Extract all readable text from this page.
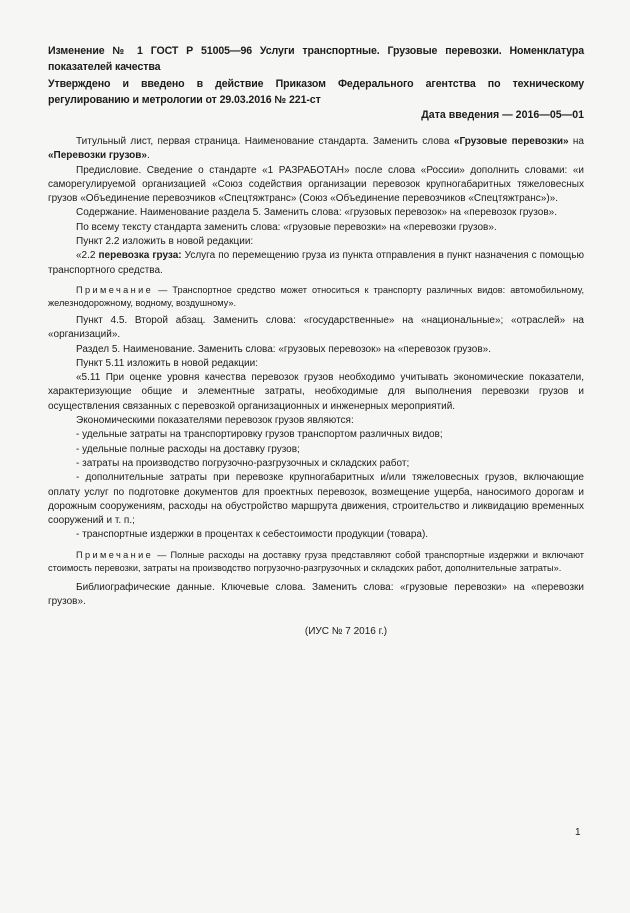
Изменение № 1 ГОСТ Р 51005—96 Услуги транспортные. Грузовые перевозки. Номенклатура показателей качества
Утверждено и введено в действие Приказом Федерального агентства по техническому регулированию и метрологии от 29.03.2016 № 221-ст
Дата введения — 2016—05—01

Титульный лист, первая страница. Наименование стандарта. Заменить слова «Грузовые перевозки» на «Перевозки грузов».

Предисловие. Сведение о стандарте «1 РАЗРАБОТАН» после слова «России» дополнить словами: «и саморегулируемой организацией «Союз содействия организации перевозок крупногабаритных тяжеловесных грузов «Объединение перевозчиков «Спецтяжтранс» (Союз «Объединение перевозчиков «Спецтяжтранс»)».

Содержание. Наименование раздела 5. Заменить слова: «грузовых перевозок» на «перевозок грузов».

По всему тексту стандарта заменить слова: «грузовые перевозки» на «перевозки грузов».

Пункт 2.2 изложить в новой редакции:

«2.2 перевозка груза: Услуга по перемещению груза из пункта отправления в пункт назначения с помощью транспортного средства.

Примечание — Транспортное средство может относиться к транспорту различных видов: автомобильному, железнодорожному, водному, воздушному».

Пункт 4.5. Второй абзац. Заменить слова: «государственные» на «национальные»; «отраслей» на «организаций».

Раздел 5. Наименование. Заменить слова: «грузовых перевозок» на «перевозок грузов».

Пункт 5.11 изложить в новой редакции:

«5.11 При оценке уровня качества перевозок грузов необходимо учитывать экономические показатели, характеризующие общие и элементные затраты, необходимые для выполнения перевозки грузов и осуществления связанных с перевозкой организационных и инженерных мероприятий.

Экономическими показателями перевозок грузов являются:

- удельные затраты на транспортировку грузов транспортом различных видов;

- удельные полные расходы на доставку грузов;

- затраты на производство погрузочно-разгрузочных и складских работ;

- дополнительные затраты при перевозке крупногабаритных и/или тяжеловесных грузов, включающие оплату услуг по подготовке документов для проектных перевозок, возмещение ущерба, наносимого дорогам и дорожным сооружениям, расходы на обустройство маршрута движения, строительство и ликвидацию временных сооружений и т. п.;

- транспортные издержки в процентах к себестоимости продукции (товара).

Примечание — Полные расходы на доставку груза представляют собой транспортные издержки и включают стоимость перевозки, затраты на производство погрузочно-разгрузочных и складских работ, дополнительные затраты».

Библиографические данные. Ключевые слова. Заменить слова: «грузовые перевозки» на «перевозки грузов».

(ИУС № 7 2016 г.)

1
